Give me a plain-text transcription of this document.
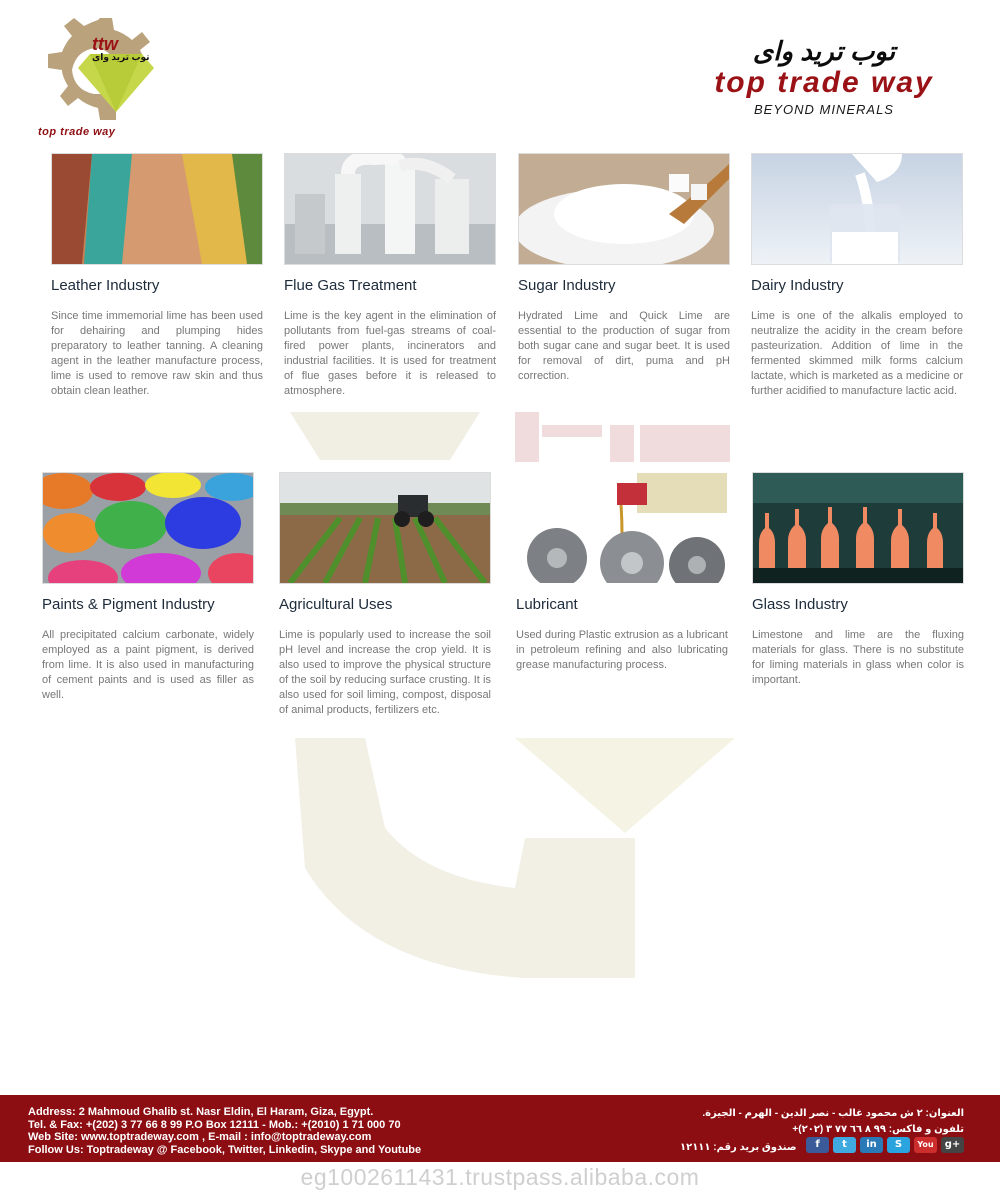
ttw
توب تريد واى
top trade way
توب تريد واى
top trade way
BEYOND MINERALS
Leather Industry

Since time immemorial lime has been used for dehairing and plumping hides preparatory to leather tanning. A cleaning agent in the leather manufacture process, lime is used to remove raw skin and thus obtain clean leather.

Flue Gas Treatment

Lime is the key agent in the elimination of pollutants from fuel-gas streams of coal-fired power plants, incinerators and industrial facilities. It is used for treatment of flue gases before it is released to atmosphere.

Sugar Industry

Hydrated Lime and Quick Lime are essential to the production of sugar from both sugar cane and sugar beet. It is used for removal of dirt, puma and pH correction.

Dairy Industry

Lime is one of the alkalis employed to neutralize the acidity in the cream before pasteurization. Addition of lime in the fermented skimmed milk forms calcium lactate, which is marketed as a medicine or further acidified to manufacture lactic acid.

Paints & Pigment Industry

All precipitated calcium carbonate, widely employed as a paint pigment, is derived from lime. It is also used in manufacturing of cement paints and is used as filler as well.

Agricultural Uses

Lime is popularly used to increase the soil pH level and increase the crop yield. It is also used to improve the physical structure of the soil by reducing surface crusting. It is also used for soil liming, compost, disposal of animal products, fertilizers etc.

Lubricant

Used during Plastic extrusion as a lubricant in petroleum refining and also lubricating grease manufacturing process.

Glass Industry

Limestone and lime are the fluxing materials for glass. There is no substitute for liming materials in glass when color is important.

Address: 2 Mahmoud Ghalib st. Nasr Eldin, El Haram, Giza, Egypt.
Tel. & Fax: +(202) 3 77 66 8 99 P.O Box 12111 - Mob.: +(2010) 1 71 000 70
Web Site: www.toptradeway.com , E-mail : info@toptradeway.com
Follow Us: Toptradeway @ Facebook, Twitter, Linkedin, Skype and Youtube
العنوان: ٢ ش محمود غالب - نصر الدين - الهرم - الجيزة.
تلفون و فاكس: ٩٩ ٨ ٦٦ ٧٧ ٣ (٢٠٢)+
صندوق بريد رقم: ١٢١١١	f	t	in	S	You	g+
eg1002611431.trustpass.alibaba.com
